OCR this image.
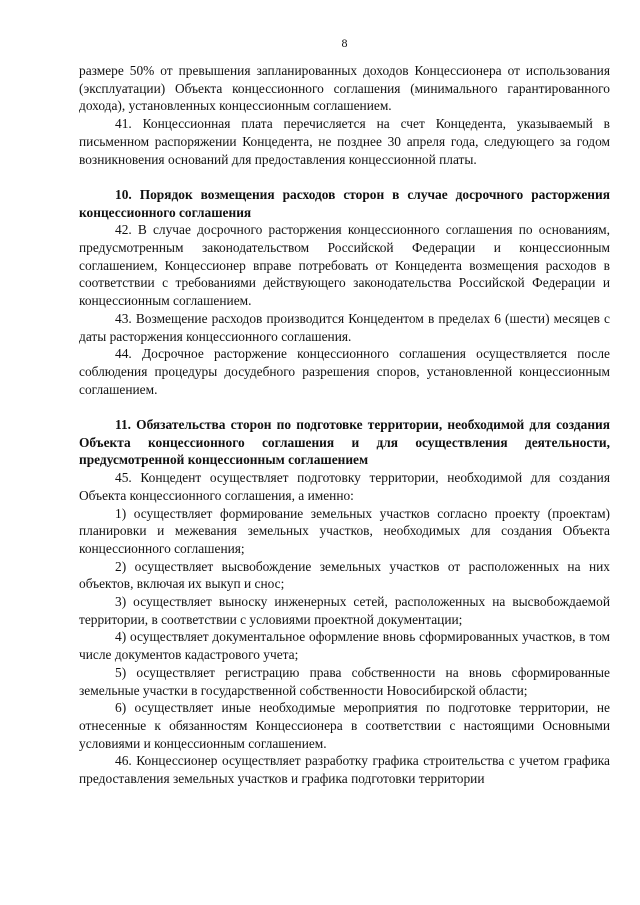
8

размере 50% от превышения запланированных доходов Концессионера от использования (эксплуатации) Объекта концессионного соглашения (минимального гарантированного дохода), установленных концессионным соглашением.

41. Концессионная плата перечисляется на счет Концедента, указываемый в письменном распоряжении Концедента, не позднее 30 апреля года, следующего за годом возникновения оснований для предоставления концессионной платы.

10. Порядок возмещения расходов сторон в случае досрочного расторжения концессионного соглашения

42. В случае досрочного расторжения концессионного соглашения по основаниям, предусмотренным законодательством Российской Федерации и концессионным соглашением, Концессионер вправе потребовать от Концедента возмещения расходов в соответствии с требованиями действующего законодательства Российской Федерации и концессионным соглашением.

43. Возмещение расходов производится Концедентом в пределах 6 (шести) месяцев с даты расторжения концессионного соглашения.

44. Досрочное расторжение концессионного соглашения осуществляется после соблюдения процедуры досудебного разрешения споров, установленной концессионным соглашением.

11. Обязательства сторон по подготовке территории, необходимой для создания Объекта концессионного соглашения и для осуществления деятельности, предусмотренной концессионным соглашением

45. Концедент осуществляет подготовку территории, необходимой для создания Объекта концессионного соглашения, а именно:

1) осуществляет формирование земельных участков согласно проекту (проектам) планировки и межевания земельных участков, необходимых для создания Объекта концессионного соглашения;

2) осуществляет высвобождение земельных участков от расположенных на них объектов, включая их выкуп и снос;

3) осуществляет выноску инженерных сетей, расположенных на высвобождаемой территории, в соответствии с условиями проектной документации;

4) осуществляет документальное оформление вновь сформированных участков, в том числе документов кадастрового учета;

5) осуществляет регистрацию права собственности на вновь сформированные земельные участки в государственной собственности Новосибирской области;

6) осуществляет иные необходимые мероприятия по подготовке территории, не отнесенные к обязанностям Концессионера в соответствии с настоящими Основными условиями и концессионным соглашением.

46. Концессионер осуществляет разработку графика строительства с учетом графика предоставления земельных участков и графика подготовки территории
